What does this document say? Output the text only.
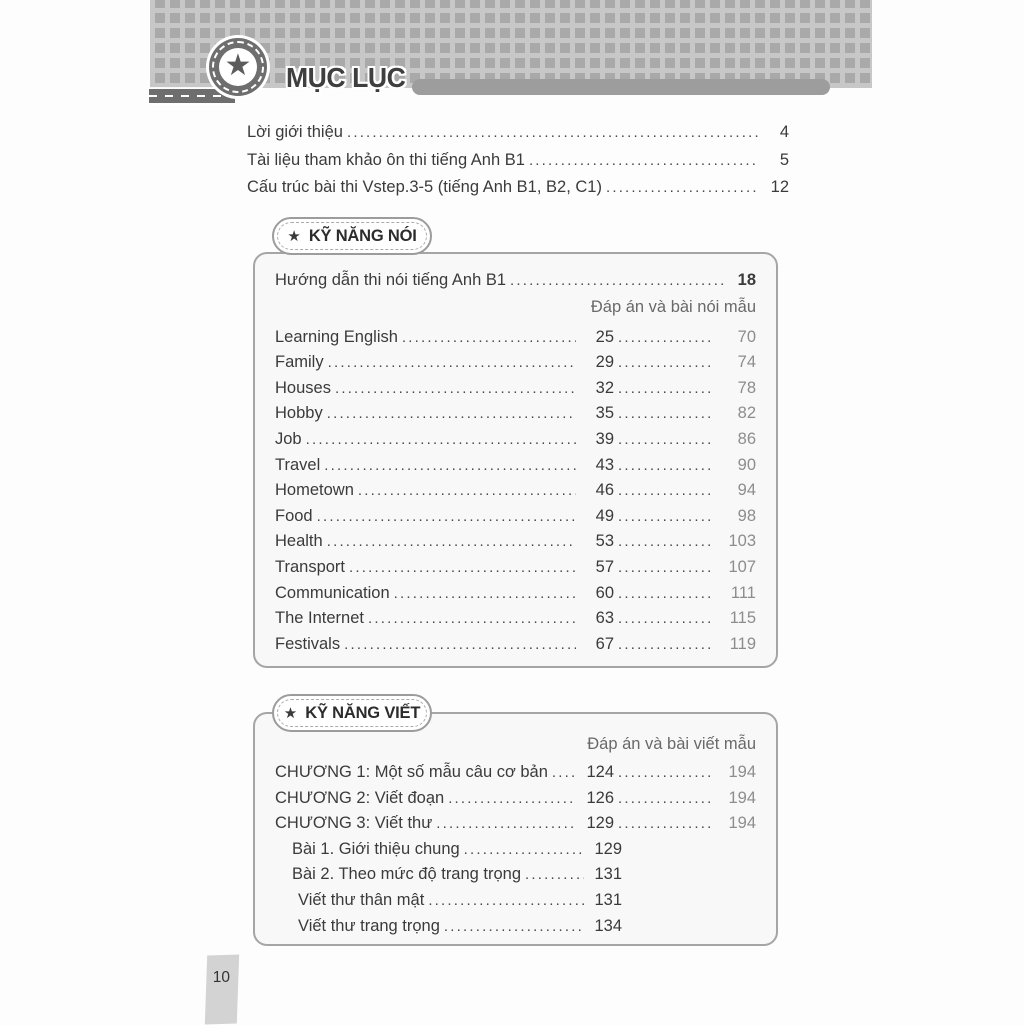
★ MỤC LỤC
Lời giới thiệu .....	4
Tài liệu tham khảo ôn thi tiếng Anh B1 .....	5
Cấu trúc bài thi Vstep.3-5 (tiếng Anh B1, B2, C1) .....	12
★ KỸ NĂNG NÓI
Hướng dẫn thi nói tiếng Anh B1 .....	18
Đáp án và bài nói mẫu
Learning English .....	25 .....	70
Family .....	29 .....	74
Houses .....	32 .....	78
Hobby .....	35 .....	82
Job .....	39 .....	86
Travel .....	43 .....	90
Hometown .....	46 .....	94
Food .....	49 .....	98
Health .....	53 .....	103
Transport .....	57 .....	107
Communication .....	60 .....	111
The Internet .....	63 .....	115
Festivals .....	67 .....	119
★ KỸ NĂNG VIẾT
Đáp án và bài viết mẫu
CHƯƠNG 1: Một số mẫu câu cơ bản .....	124 .....	194
CHƯƠNG 2: Viết đoạn .....	126 .....	194
CHƯƠNG 3: Viết thư .....	129 .....	194
Bài 1. Giới thiệu chung .....	129
Bài 2. Theo mức độ trang trọng .....	131
Viết thư thân mật .....	131
Viết thư trang trọng .....	134
10
